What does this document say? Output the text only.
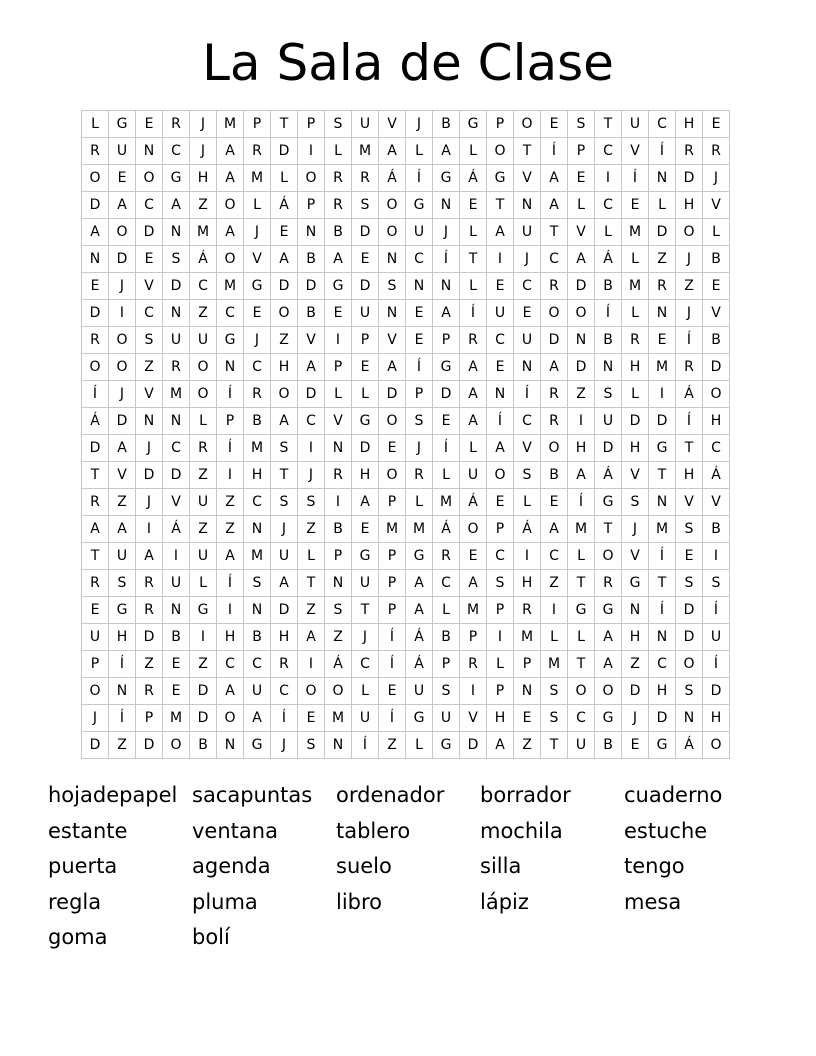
La Sala de Clase
L	G	E	R	J	M	P	T	P	S	U	V	J	B	G	P	O	E	S	T	U	C	H	E
R	U	N	C	J	A	R	D	I	L	M	A	L	A	L	O	T	Í	P	C	V	Í	R	R
O	E	O	G	H	A	M	L	O	R	R	Á	Í	G	Á	G	V	A	E	I	Í	N	D	J
D	A	C	A	Z	O	L	Á	P	R	S	O	G	N	E	T	N	A	L	C	E	L	H	V
A	O	D	N	M	A	J	E	N	B	D	O	U	J	L	A	U	T	V	L	M	D	O	L
N	D	E	S	Á	O	V	A	B	A	E	N	C	Í	T	I	J	C	A	Á	L	Z	J	B
E	J	V	D	C	M	G	D	D	G	D	S	N	N	L	E	C	R	D	B	M	R	Z	E
D	I	C	N	Z	C	E	O	B	E	U	N	E	A	Í	U	E	O	O	Í	L	N	J	V
R	O	S	U	U	G	J	Z	V	I	P	V	E	P	R	C	U	D	N	B	R	E	Í	B
O	O	Z	R	O	N	C	H	A	P	E	A	Í	G	A	E	N	A	D	N	H	M	R	D
Í	J	V	M	O	Í	R	O	D	L	L	D	P	D	A	N	Í	R	Z	S	L	I	Á	O
Á	D	N	N	L	P	B	A	C	V	G	O	S	E	A	Í	C	R	I	U	D	D	Í	H
D	A	J	C	R	Í	M	S	I	N	D	E	J	Í	L	A	V	O	H	D	H	G	T	C
T	V	D	D	Z	I	H	T	J	R	H	O	R	L	U	O	S	B	A	Á	V	T	H	Á
R	Z	J	V	U	Z	C	S	S	I	A	P	L	M	Á	E	L	E	Í	G	S	N	V	V
A	A	I	Á	Z	Z	N	J	Z	B	E	M	M	Á	O	P	Á	A	M	T	J	M	S	B
T	U	A	I	U	A	M	U	L	P	G	P	G	R	E	C	I	C	L	O	V	Í	E	I
R	S	R	U	L	Í	S	A	T	N	U	P	A	C	A	S	H	Z	T	R	G	T	S	S
E	G	R	N	G	I	N	D	Z	S	T	P	A	L	M	P	R	I	G	G	N	Í	D	Í
U	H	D	B	I	H	B	H	A	Z	J	Í	Á	B	P	I	M	L	L	A	H	N	D	U
P	Í	Z	E	Z	C	C	R	I	Á	C	Í	Á	P	R	L	P	M	T	A	Z	C	O	Í
O	N	R	E	D	A	U	C	O	O	L	E	U	S	I	P	N	S	O	O	D	H	S	D
J	Í	P	M	D	O	A	Í	E	M	U	Í	G	U	V	H	E	S	C	G	J	D	N	H
D	Z	D	O	B	N	G	J	S	N	Í	Z	L	G	D	A	Z	T	U	B	E	G	Á	O
hojadepapel sacapuntas	ordenador	borrador	cuaderno
estante	ventana	tablero	mochila	estuche
puerta	agenda	suelo	silla	tengo
regla	pluma	libro	lápiz	mesa
goma	bolí
